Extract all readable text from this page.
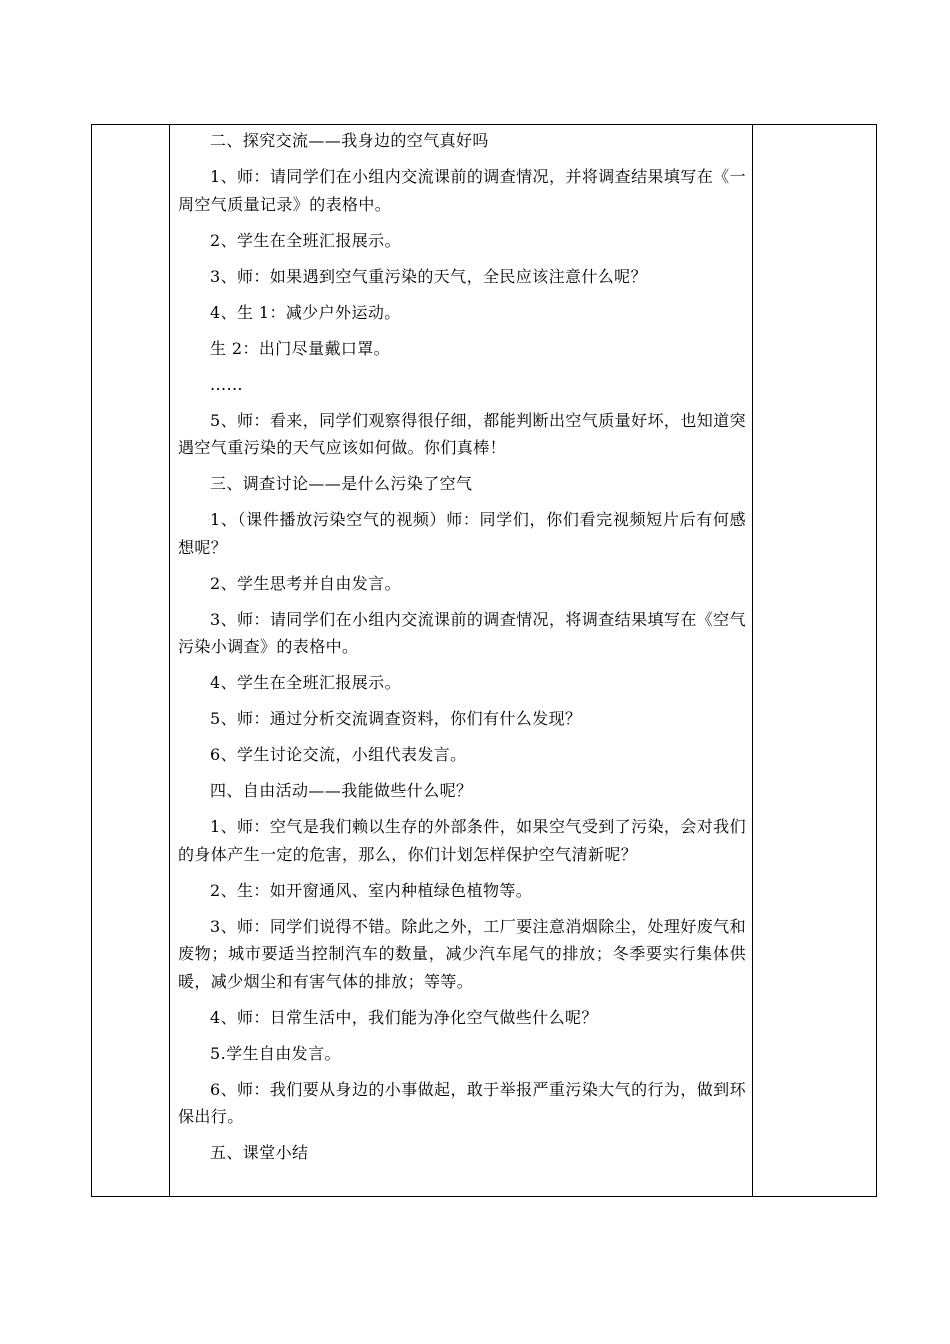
二、探究交流——我身边的空气真好吗

1、师：请同学们在小组内交流课前的调查情况，并将调查结果填写在《一周空气质量记录》的表格中。

2、学生在全班汇报展示。

3、师：如果遇到空气重污染的天气，全民应该注意什么呢？

4、生 1：减少户外运动。

生 2：出门尽量戴口罩。

......

5、师：看来，同学们观察得很仔细，都能判断出空气质量好坏，也知道突遇空气重污染的天气应该如何做。你们真棒！

三、调查讨论——是什么污染了空气

1、（课件播放污染空气的视频）师：同学们，你们看完视频短片后有何感想呢？

2、学生思考并自由发言。

3、师：请同学们在小组内交流课前的调查情况，将调查结果填写在《空气污染小调查》的表格中。

4、学生在全班汇报展示。

5、师：通过分析交流调查资料，你们有什么发现？

6、学生讨论交流，小组代表发言。

四、自由活动——我能做些什么呢？

1、师：空气是我们赖以生存的外部条件，如果空气受到了污染，会对我们的身体产生一定的危害，那么，你们计划怎样保护空气清新呢？

2、生：如开窗通风、室内种植绿色植物等。

3、师：同学们说得不错。除此之外，工厂要注意消烟除尘，处理好废气和废物；城市要适当控制汽车的数量，减少汽车尾气的排放；冬季要实行集体供暖，减少烟尘和有害气体的排放；等等。

4、师：日常生活中，我们能为净化空气做些什么呢？

5.学生自由发言。

6、师：我们要从身边的小事做起，敢于举报严重污染大气的行为，做到环保出行。

五、课堂小结
